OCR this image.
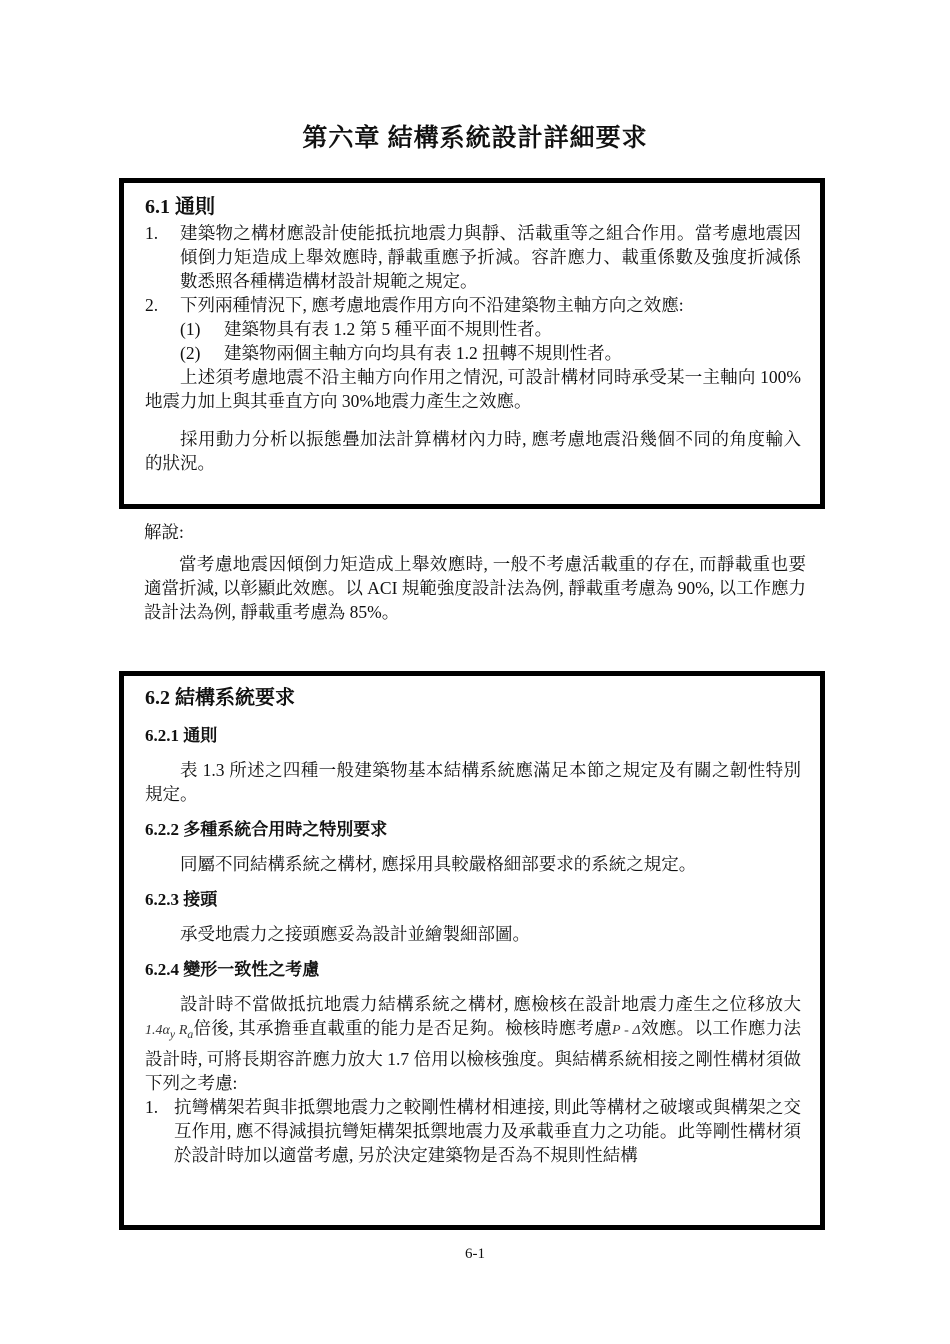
第六章 結構系統設計詳細要求
6.1 通則
1.	建築物之構材應設計使能抵抗地震力與靜、活載重等之組合作用。當考慮地震因傾倒力矩造成上舉效應時, 靜載重應予折減。容許應力、載重係數及強度折減係數悉照各種構造構材設計規範之規定。
2.	下列兩種情況下, 應考慮地震作用方向不沿建築物主軸方向之效應:
(1)	建築物具有表 1.2 第 5 種平面不規則性者。
(2)	建築物兩個主軸方向均具有表 1.2 扭轉不規則性者。

上述須考慮地震不沿主軸方向作用之情況, 可設計構材同時承受某一主軸向 100%地震力加上與其垂直方向 30%地震力產生之效應。

採用動力分析以振態疊加法計算構材內力時, 應考慮地震沿幾個不同的角度輸入的狀況。

解說:

當考慮地震因傾倒力矩造成上舉效應時, 一般不考慮活載重的存在, 而靜載重也要適當折減, 以彰顯此效應。以 ACI 規範強度設計法為例, 靜載重考慮為 90%, 以工作應力設計法為例, 靜載重考慮為 85%。

6.2 結構系統要求
6.2.1 通則

表 1.3 所述之四種一般建築物基本結構系統應滿足本節之規定及有關之韌性特別規定。

6.2.2 多種系統合用時之特別要求

同屬不同結構系統之構材, 應採用具較嚴格細部要求的系統之規定。

6.2.3 接頭

承受地震力之接頭應妥為設計並繪製細部圖。

6.2.4 變形一致性之考慮

設計時不當做抵抗地震力結構系統之構材, 應檢核在設計地震力產生之位移放大$1.4\alpha_y$ $R_a$倍後, 其承擔垂直載重的能力是否足夠。檢核時應考慮P - Δ效應。以工作應力法設計時, 可將長期容許應力放大 1.7 倍用以檢核強度。與結構系統相接之剛性構材須做下列之考慮:

1. 抗彎構架若與非抵禦地震力之較剛性構材相連接, 則此等構材之破壞或與構架之交互作用, 應不得減損抗彎矩構架抵禦地震力及承載垂直力之功能。此等剛性構材須於設計時加以適當考慮, 另於決定建築物是否為不規則性結構
6-1
